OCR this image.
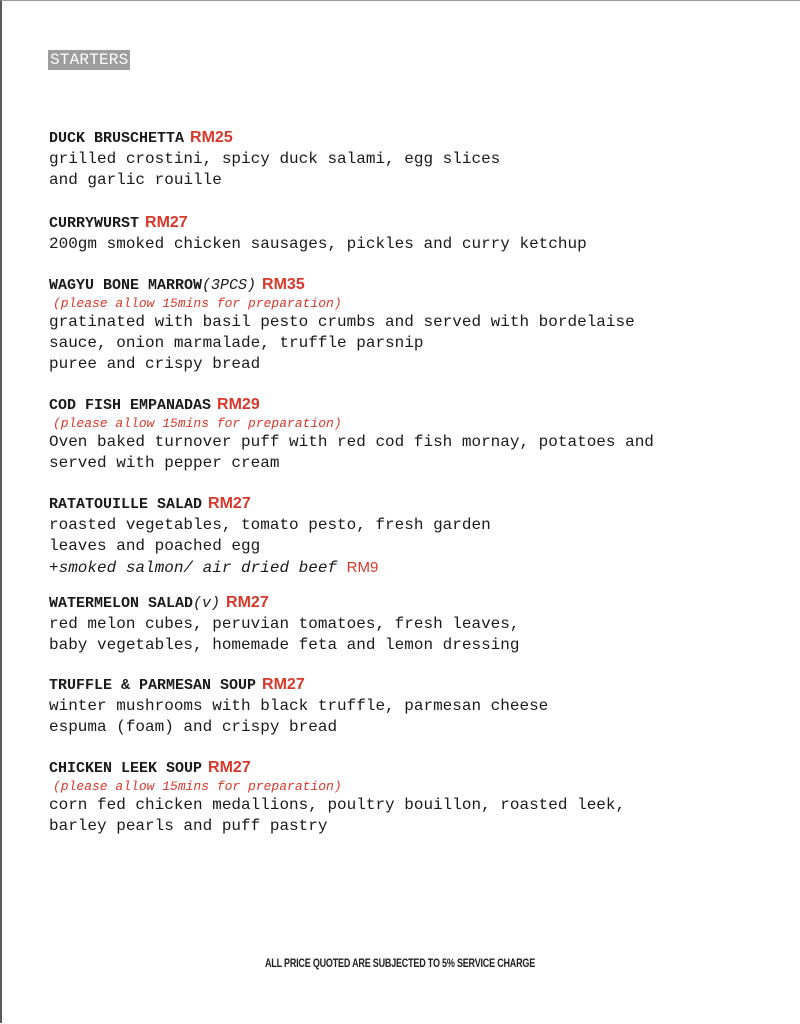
STARTERS
DUCK BRUSCHETTA RM25
grilled crostini, spicy duck salami, egg slices
and garlic rouille
CURRYWURST RM27
200gm smoked chicken sausages, pickles and curry ketchup
WAGYU BONE MARROW(3PCS) RM35
(please allow 15mins for preparation)
gratinated with basil pesto crumbs and served with bordelaise
sauce, onion marmalade, truffle parsnip
puree and crispy bread
COD FISH EMPANADAS RM29
(please allow 15mins for preparation)
Oven baked turnover puff with red cod fish mornay, potatoes and
served with pepper cream
RATATOUILLE SALAD RM27
roasted vegetables, tomato pesto, fresh garden
leaves and poached egg
+smoked salmon/ air dried beef RM9
WATERMELON SALAD(v) RM27
red melon cubes, peruvian tomatoes, fresh leaves,
baby vegetables, homemade feta and lemon dressing
TRUFFLE & PARMESAN SOUP RM27
winter mushrooms with black truffle, parmesan cheese
espuma (foam) and crispy bread
CHICKEN LEEK SOUP RM27
(please allow 15mins for preparation)
corn fed chicken medallions, poultry bouillon, roasted leek,
barley pearls and puff pastry
ALL PRICE QUOTED ARE SUBJECTED TO 5% SERVICE CHARGE
